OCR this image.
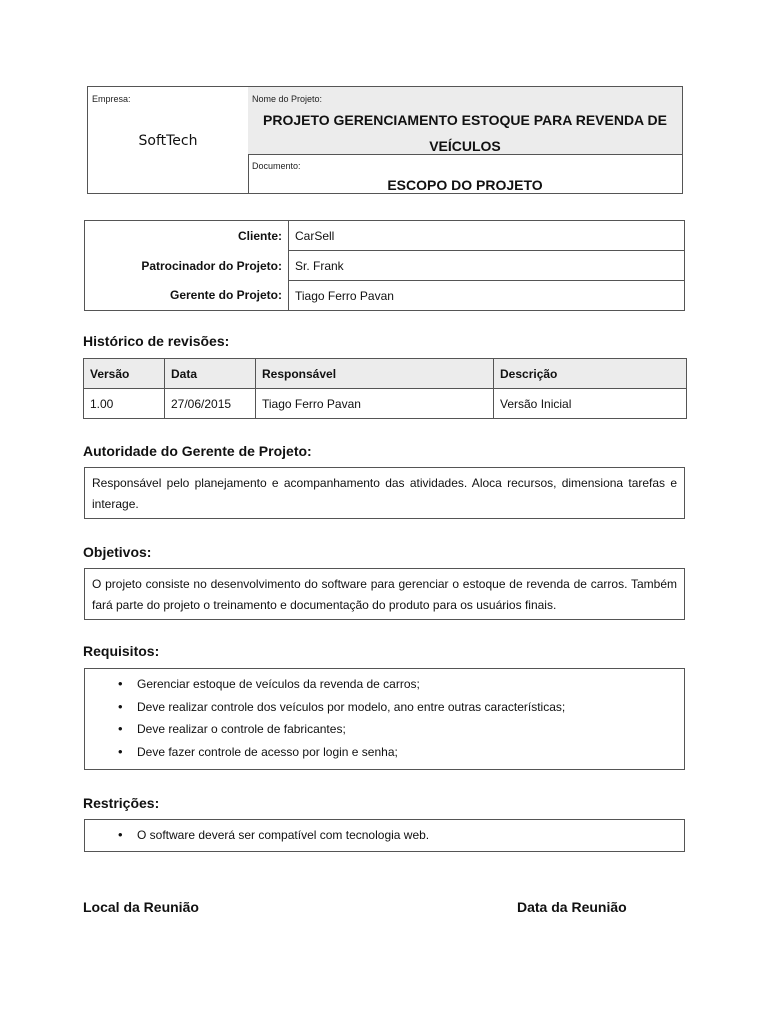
Empresa:
SoftTech
Nome do Projeto:
PROJETO GERENCIAMENTO ESTOQUE PARA REVENDA DE VEÍCULOS
Documento:
ESCOPO DO PROJETO
Cliente:	CarSell
Patrocinador do Projeto:	Sr. Frank
Gerente do Projeto:	Tiago Ferro Pavan
Histórico de revisões:
Versão	Data	Responsável	Descrição
1.00	27/06/2015	Tiago Ferro Pavan	Versão Inicial
Autoridade do Gerente de Projeto:
Responsável pelo planejamento e acompanhamento das atividades. Aloca recursos, dimensiona tarefas e interage.
Objetivos:
O projeto consiste no desenvolvimento do software para gerenciar o estoque de revenda de carros. Também fará parte do projeto o treinamento e documentação do produto para os usuários finais.
Requisitos:
• Gerenciar estoque de veículos da revenda de carros;
• Deve realizar controle dos veículos por modelo, ano entre outras características;
• Deve realizar o controle de fabricantes;
• Deve fazer controle de acesso por login e senha;
Restrições:
• O software deverá ser compatível com tecnologia web.
Local da Reunião	Data da Reunião
